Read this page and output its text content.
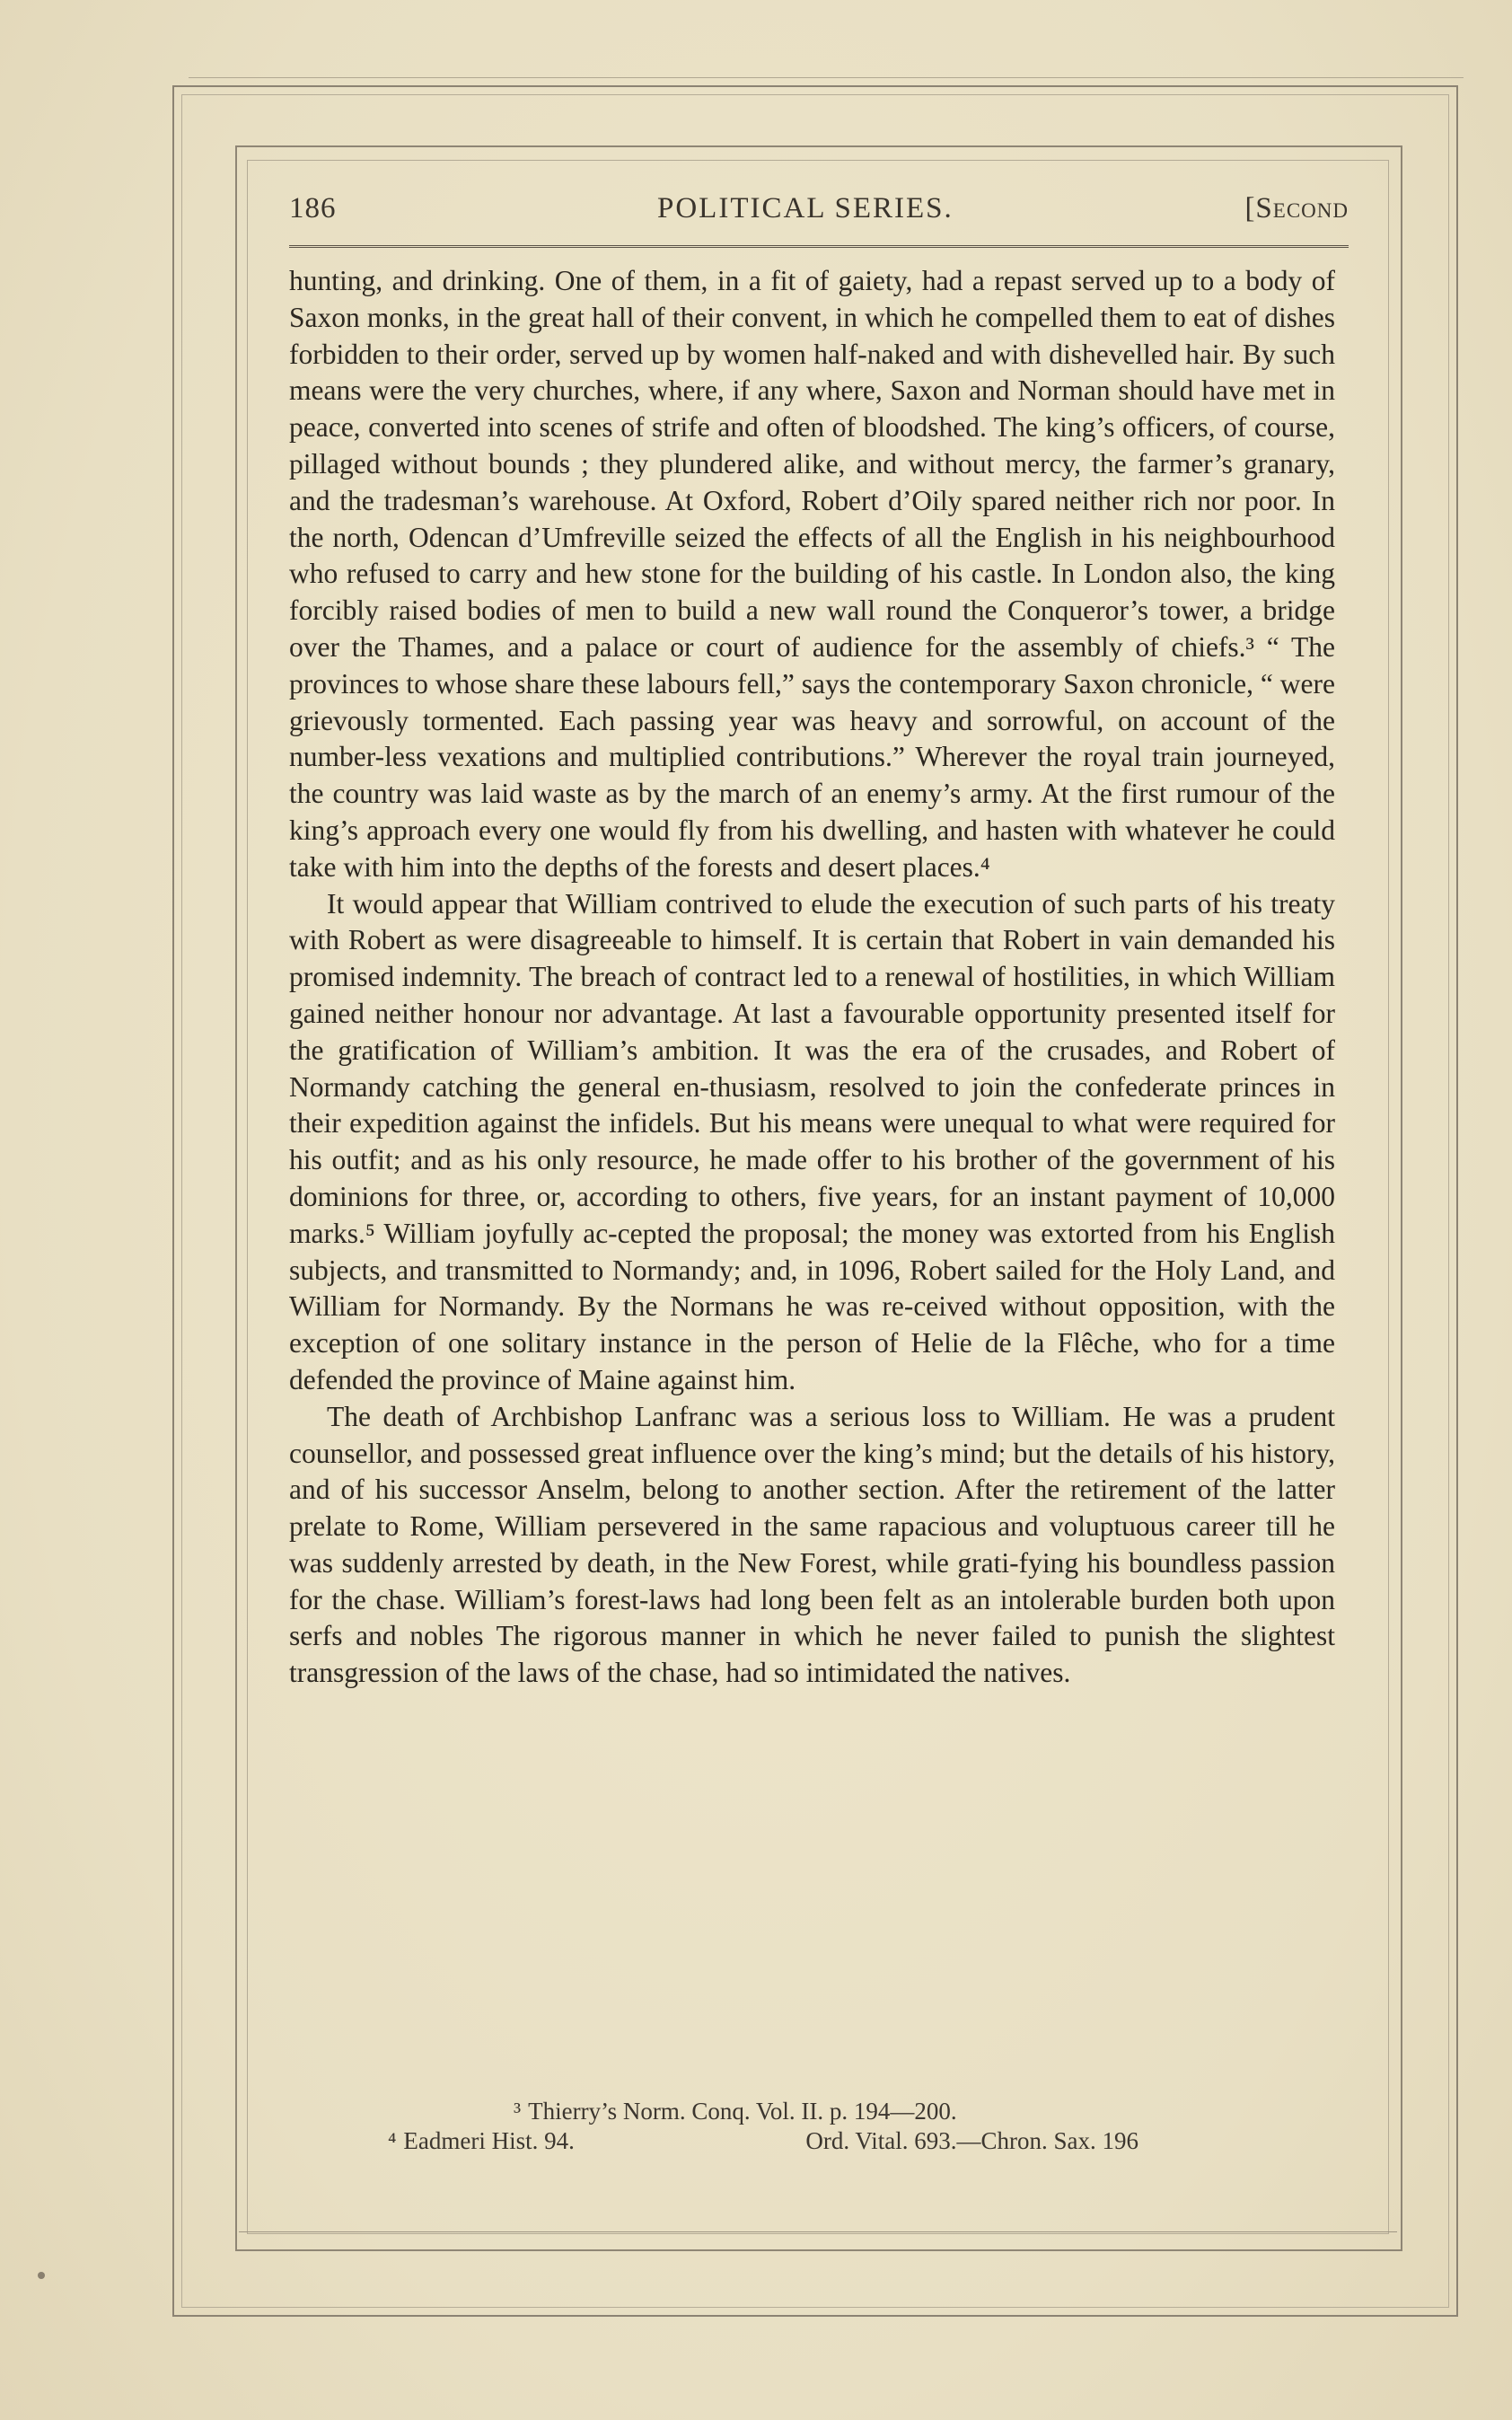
186	POLITICAL SERIES.	[Second

hunting, and drinking. One of them, in a fit of gaiety, had a repast served up to a body of Saxon monks, in the great hall of their convent, in which he compelled them to eat of dishes forbidden to their order, served up by women half-naked and with dishevelled hair. By such means were the very churches, where, if any where, Saxon and Norman should have met in peace, converted into scenes of strife and often of bloodshed. The king’s officers, of course, pillaged without bounds ; they plundered alike, and without mercy, the farmer’s granary, and the tradesman’s warehouse. At Oxford, Robert d’Oily spared neither rich nor poor. In the north, Odencan d’Umfreville seized the effects of all the English in his neighbourhood who refused to carry and hew stone for the building of his castle. In London also, the king forcibly raised bodies of men to build a new wall round the Conqueror’s tower, a bridge over the Thames, and a palace or court of audience for the assembly of chiefs.³ “ The provinces to whose share these labours fell,” says the contemporary Saxon chronicle, “ were grievously tormented. Each passing year was heavy and sorrowful, on account of the number-less vexations and multiplied contributions.” Wherever the royal train journeyed, the country was laid waste as by the march of an enemy’s army. At the first rumour of the king’s approach every one would fly from his dwelling, and hasten with whatever he could take with him into the depths of the forests and desert places.⁴

It would appear that William contrived to elude the execution of such parts of his treaty with Robert as were disagreeable to himself. It is certain that Robert in vain demanded his promised indemnity. The breach of contract led to a renewal of hostilities, in which William gained neither honour nor advantage. At last a favourable opportunity presented itself for the gratification of William’s ambition. It was the era of the crusades, and Robert of Normandy catching the general en-thusiasm, resolved to join the confederate princes in their expedition against the infidels. But his means were unequal to what were required for his outfit; and as his only resource, he made offer to his brother of the government of his dominions for three, or, according to others, five years, for an instant payment of 10,000 marks.⁵ William joyfully ac-cepted the proposal; the money was extorted from his English subjects, and transmitted to Normandy; and, in 1096, Robert sailed for the Holy Land, and William for Normandy. By the Normans he was re-ceived without opposition, with the exception of one solitary instance in the person of Helie de la Flêche, who for a time defended the province of Maine against him.

The death of Archbishop Lanfranc was a serious loss to William. He was a prudent counsellor, and possessed great influence over the king’s mind; but the details of his history, and of his successor Anselm, belong to another section. After the retirement of the latter prelate to Rome, William persevered in the same rapacious and voluptuous career till he was suddenly arrested by death, in the New Forest, while grati-fying his boundless passion for the chase. William’s forest-laws had long been felt as an intolerable burden both upon serfs and nobles The rigorous manner in which he never failed to punish the slightest transgression of the laws of the chase, had so intimidated the natives.

³ Thierry’s Norm. Conq. Vol. II. p. 194—200.
⁴ Eadmeri Hist. 94.	Ord. Vital. 693.—Chron. Sax. 196
